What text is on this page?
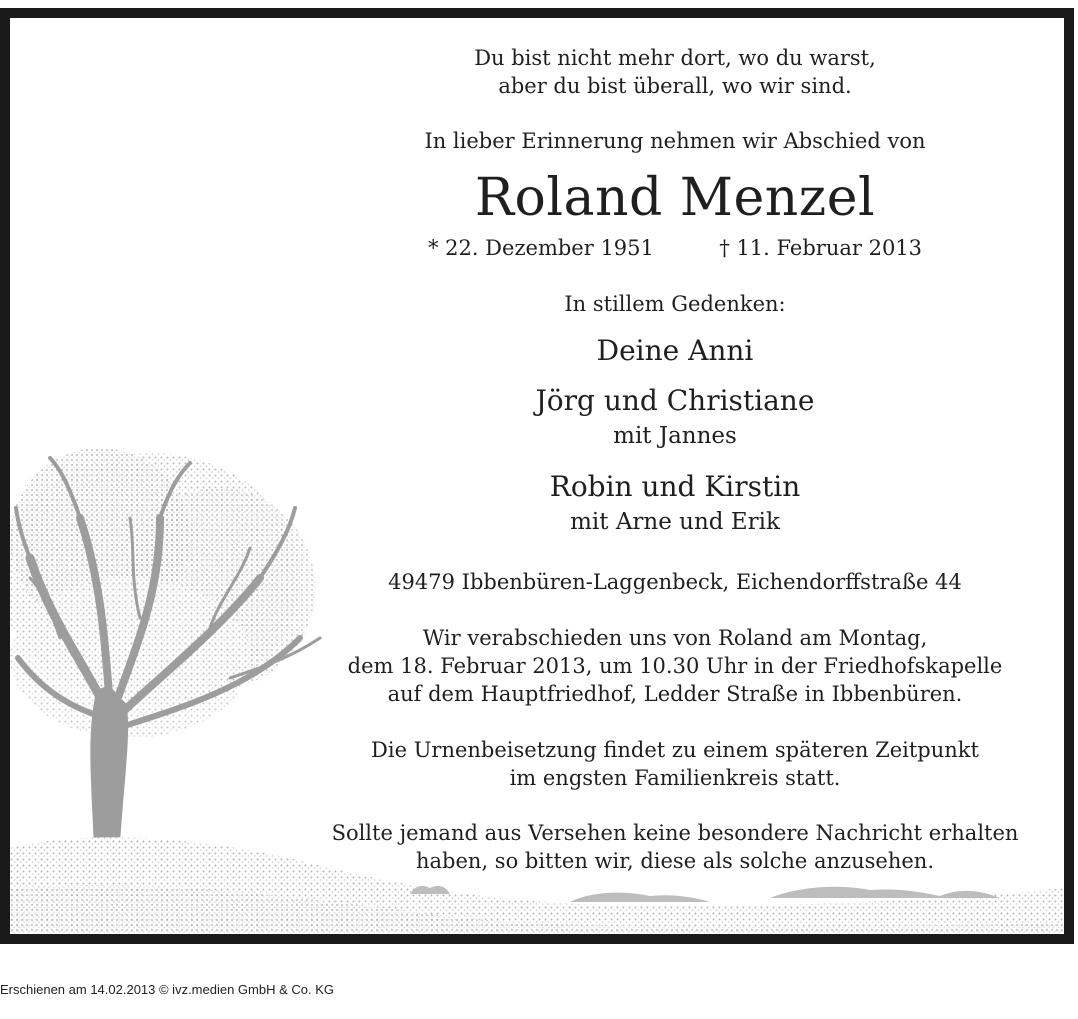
Du bist nicht mehr dort, wo du warst,
aber du bist überall, wo wir sind.
In lieber Erinnerung nehmen wir Abschied von
Roland Menzel
* 22. Dezember 1951	† 11. Februar 2013
In stillem Gedenken:
Deine Anni
Jörg und Christiane
mit Jannes
Robin und Kirstin
mit Arne und Erik
49479 Ibbenbüren-Laggenbeck, Eichendorffstraße 44
Wir verabschieden uns von Roland am Montag,
dem 18. Februar 2013, um 10.30 Uhr in der Friedhofskapelle
auf dem Hauptfriedhof, Ledder Straße in Ibbenbüren.
Die Urnenbeisetzung findet zu einem späteren Zeitpunkt
im engsten Familienkreis statt.
Sollte jemand aus Versehen keine besondere Nachricht erhalten
haben, so bitten wir, diese als solche anzusehen.
Erschienen am 14.02.2013 © ivz.medien GmbH & Co. KG
